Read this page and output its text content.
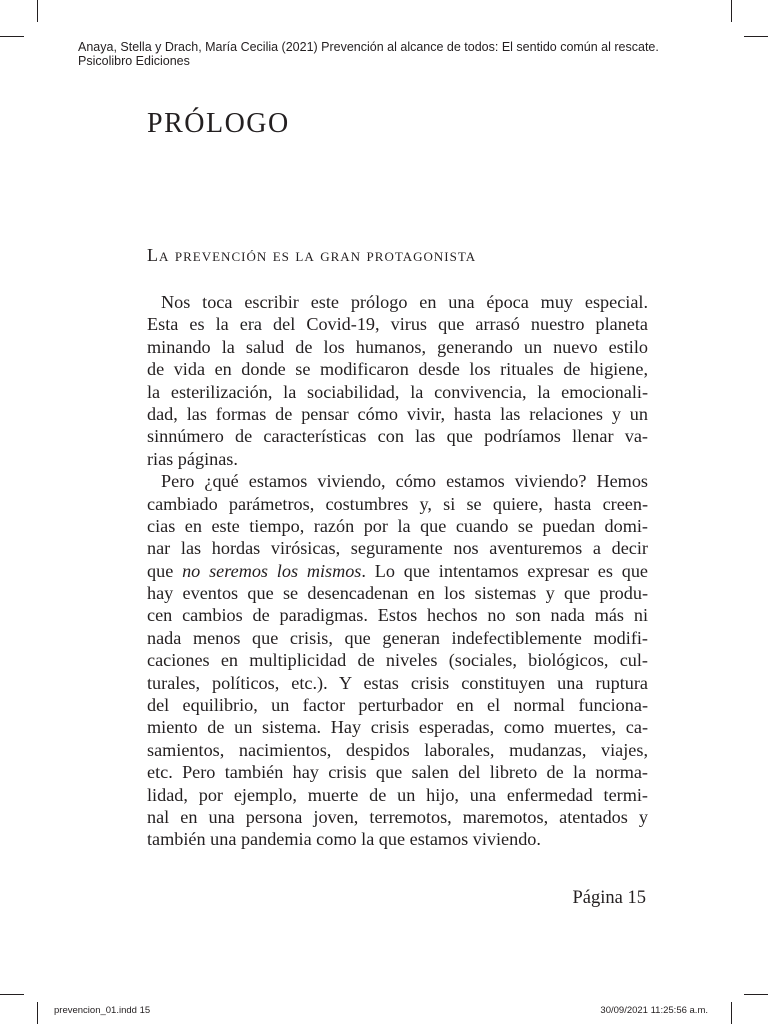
Anaya, Stella y Drach, María Cecilia (2021) Prevención al alcance de todos: El sentido común al rescate.
Psicolibro Ediciones
PRÓLOGO
La prevención es la gran protagonista
Nos toca escribir este prólogo en una época muy especial.
Esta es la era del Covid-19, virus que arrasó nuestro planeta
minando la salud de los humanos, generando un nuevo estilo
de vida en donde se modificaron desde los rituales de higiene,
la esterilización, la sociabilidad, la convivencia, la emocionali-
dad, las formas de pensar cómo vivir, hasta las relaciones y un
sinnúmero de características con las que podríamos llenar va-
rias páginas.
Pero ¿qué estamos viviendo, cómo estamos viviendo? Hemos
cambiado parámetros, costumbres y, si se quiere, hasta creen-
cias en este tiempo, razón por la que cuando se puedan domi-
nar las hordas virósicas, seguramente nos aventuremos a decir
que no seremos los mismos. Lo que intentamos expresar es que
hay eventos que se desencadenan en los sistemas y que produ-
cen cambios de paradigmas. Estos hechos no son nada más ni
nada menos que crisis, que generan indefectiblemente modifi-
caciones en multiplicidad de niveles (sociales, biológicos, cul-
turales, políticos, etc.). Y estas crisis constituyen una ruptura
del equilibrio, un factor perturbador en el normal funciona-
miento de un sistema. Hay crisis esperadas, como muertes, ca-
samientos, nacimientos, despidos laborales, mudanzas, viajes,
etc. Pero también hay crisis que salen del libreto de la norma-
lidad, por ejemplo, muerte de un hijo, una enfermedad termi-
nal en una persona joven, terremotos, maremotos, atentados y
también una pandemia como la que estamos viviendo.
Página 15
prevencion_01.indd 15	30/09/2021 11:25:56 a.m.
